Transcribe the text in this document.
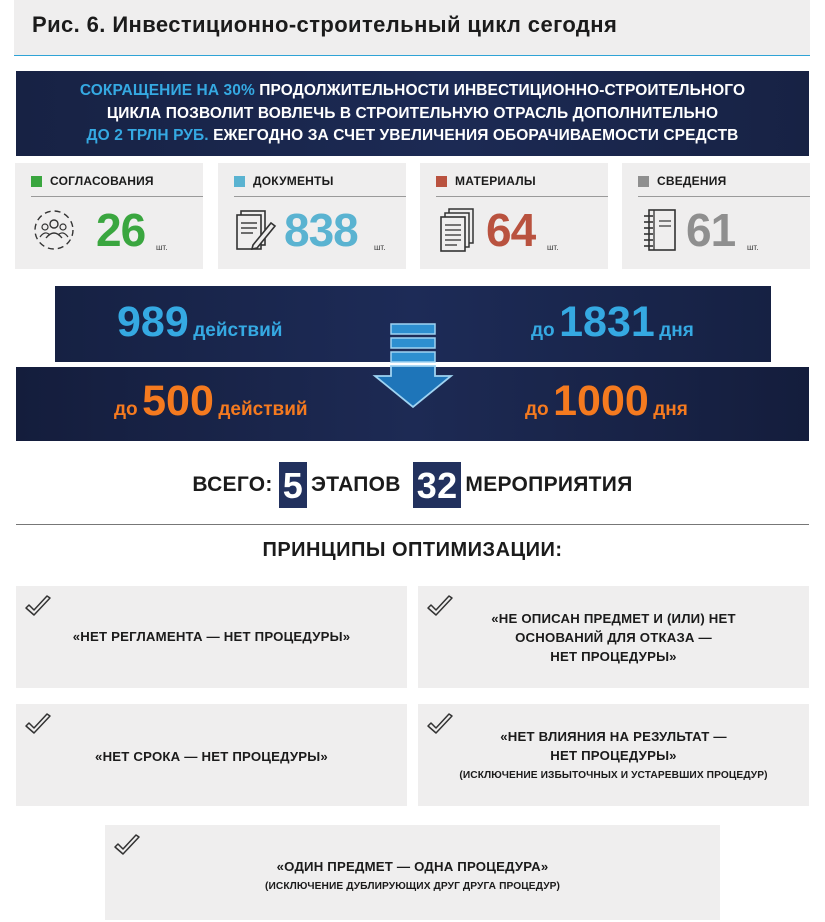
Рис. 6. Инвестиционно-строительный цикл сегодня

СОКРАЩЕНИЕ НА 30% ПРОДОЛЖИТЕЛЬНОСТИ ИНВЕСТИЦИОННО-СТРОИТЕЛЬНОГО

ЦИКЛА ПОЗВОЛИТ ВОВЛЕЧЬ В СТРОИТЕЛЬНУЮ ОТРАСЛЬ ДОПОЛНИТЕЛЬНО

ДО 2 ТРЛН РУБ. ЕЖЕГОДНО ЗА СЧЕТ УВЕЛИЧЕНИЯ ОБОРАЧИВАЕМОСТИ СРЕДСТВ

СОГЛАСОВАНИЯ
26 шт.
ДОКУМЕНТЫ
838 шт.
МАТЕРИАЛЫ
64 шт.
СВЕДЕНИЯ
61 шт.
989 действий	до 1831 дня
до 500 действий	до 1000 дня
ВСЕГО: 5 ЭТАПОВ 32 МЕРОПРИЯТИЯ
ПРИНЦИПЫ ОПТИМИЗАЦИИ:
«НЕТ РЕГЛАМЕНТА — НЕТ ПРОЦЕДУРЫ»
«НЕ ОПИСАН ПРЕДМЕТ И (ИЛИ) НЕТ
ОСНОВАНИЙ ДЛЯ ОТКАЗА —
НЕТ ПРОЦЕДУРЫ»
«НЕТ СРОКА — НЕТ ПРОЦЕДУРЫ»
«НЕТ ВЛИЯНИЯ НА РЕЗУЛЬТАТ —
НЕТ ПРОЦЕДУРЫ»
(ИСКЛЮЧЕНИЕ ИЗБЫТОЧНЫХ И УСТАРЕВШИХ ПРОЦЕДУР)
«ОДИН ПРЕДМЕТ — ОДНА ПРОЦЕДУРА»
(ИСКЛЮЧЕНИЕ ДУБЛИРУЮЩИХ ДРУГ ДРУГА ПРОЦЕДУР)
